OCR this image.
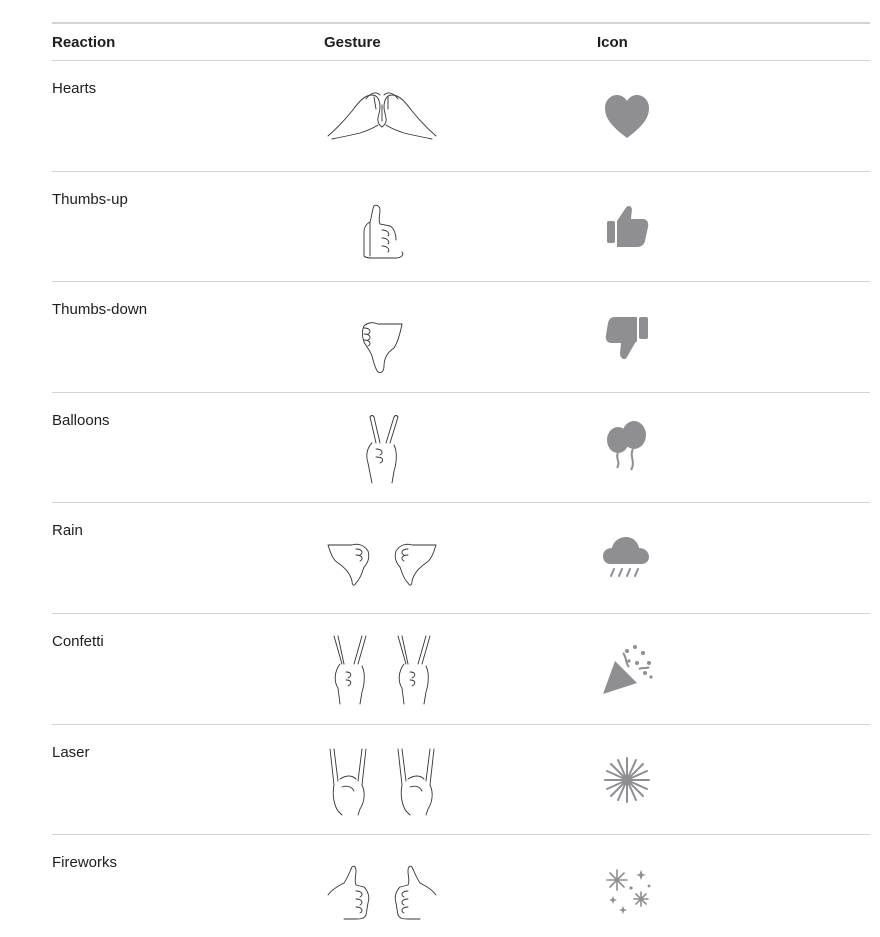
Reaction	Gesture	Icon
Hearts
Thumbs-up
Thumbs-down
Balloons
Rain
Confetti
Laser
Fireworks
